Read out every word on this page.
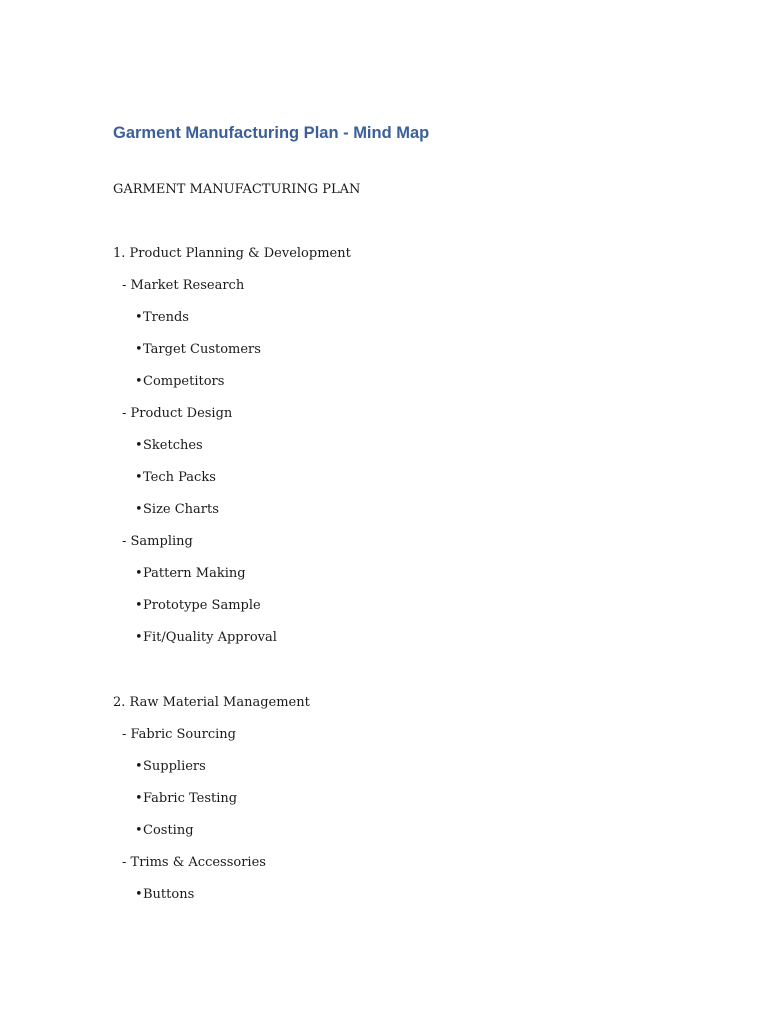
Garment Manufacturing Plan - Mind Map
GARMENT MANUFACTURING PLAN
1. Product Planning & Development
- Market Research
•Trends
•Target Customers
•Competitors
- Product Design
•Sketches
•Tech Packs
•Size Charts
- Sampling
•Pattern Making
•Prototype Sample
•Fit/Quality Approval
2. Raw Material Management
- Fabric Sourcing
•Suppliers
•Fabric Testing
•Costing
- Trims & Accessories
•Buttons
